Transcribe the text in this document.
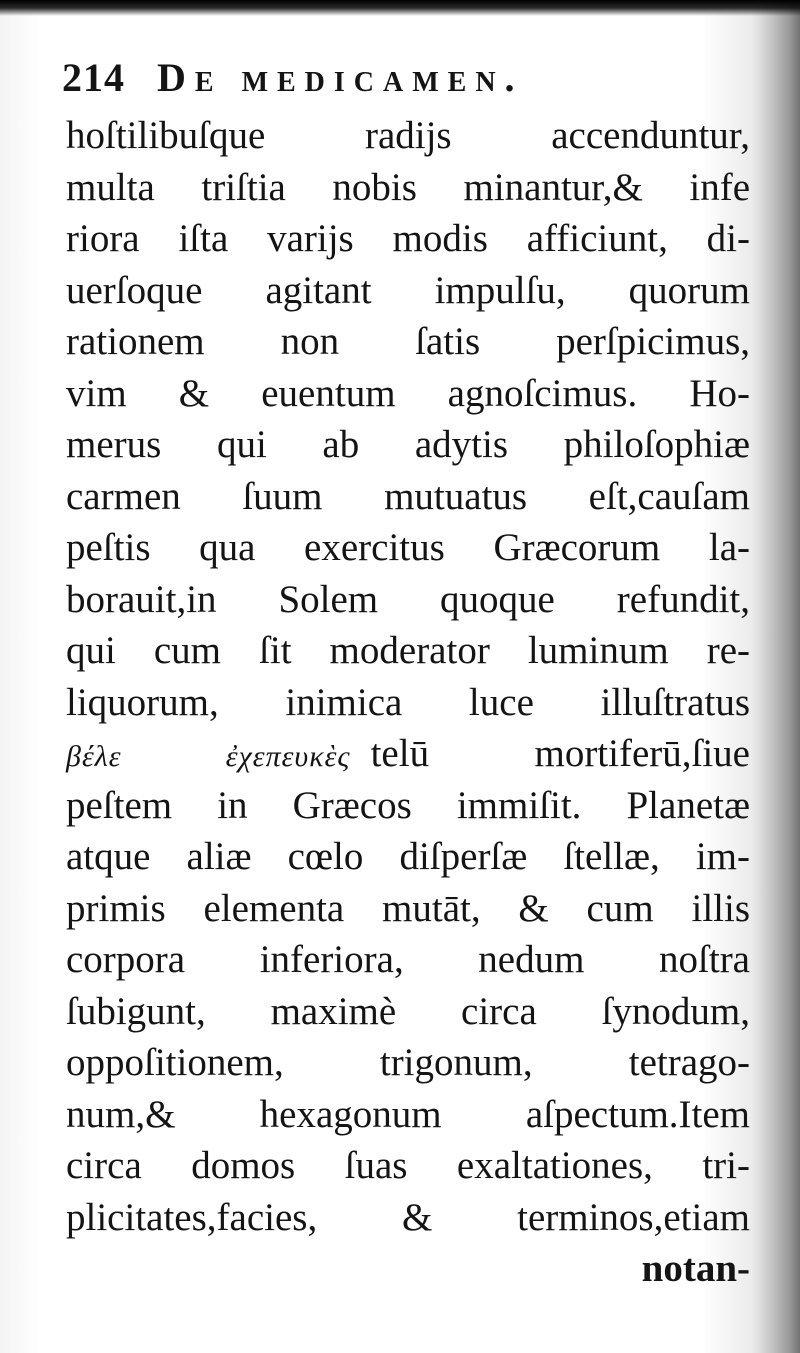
214 De medicamen.
hoſtilibuſque radijs accenduntur,
multa triſtia nobis minantur,& infe
riora iſta varijs modis afficiunt, di-
uerſoque agitant impulſu, quorum
rationem non ſatis perſpicimus,
vim & euentum agnoſcimus. Ho-
merus qui ab adytis philoſophiæ
carmen ſuum mutuatus eſt,cauſam
peſtis qua exercitus Græcorum la-
borauit,in Solem quoque refundit,
qui cum ſit moderator luminum re-
liquorum, inimica luce illuſtratus
βέλε ἐχεπευκὲς telū mortiferū,ſiue
peſtem in Græcos immiſit. Planetæ
atque aliæ cœlo diſperſæ ſtellæ, im-
primis elementa mutāt, & cum illis
corpora inferiora, nedum noſtra
ſubigunt, maximè circa ſynodum,
oppoſitionem, trigonum, tetrago-
num,& hexagonum aſpectum.Item
circa domos ſuas exaltationes, tri-
plicitates,facies, & terminos,etiam
notan-
